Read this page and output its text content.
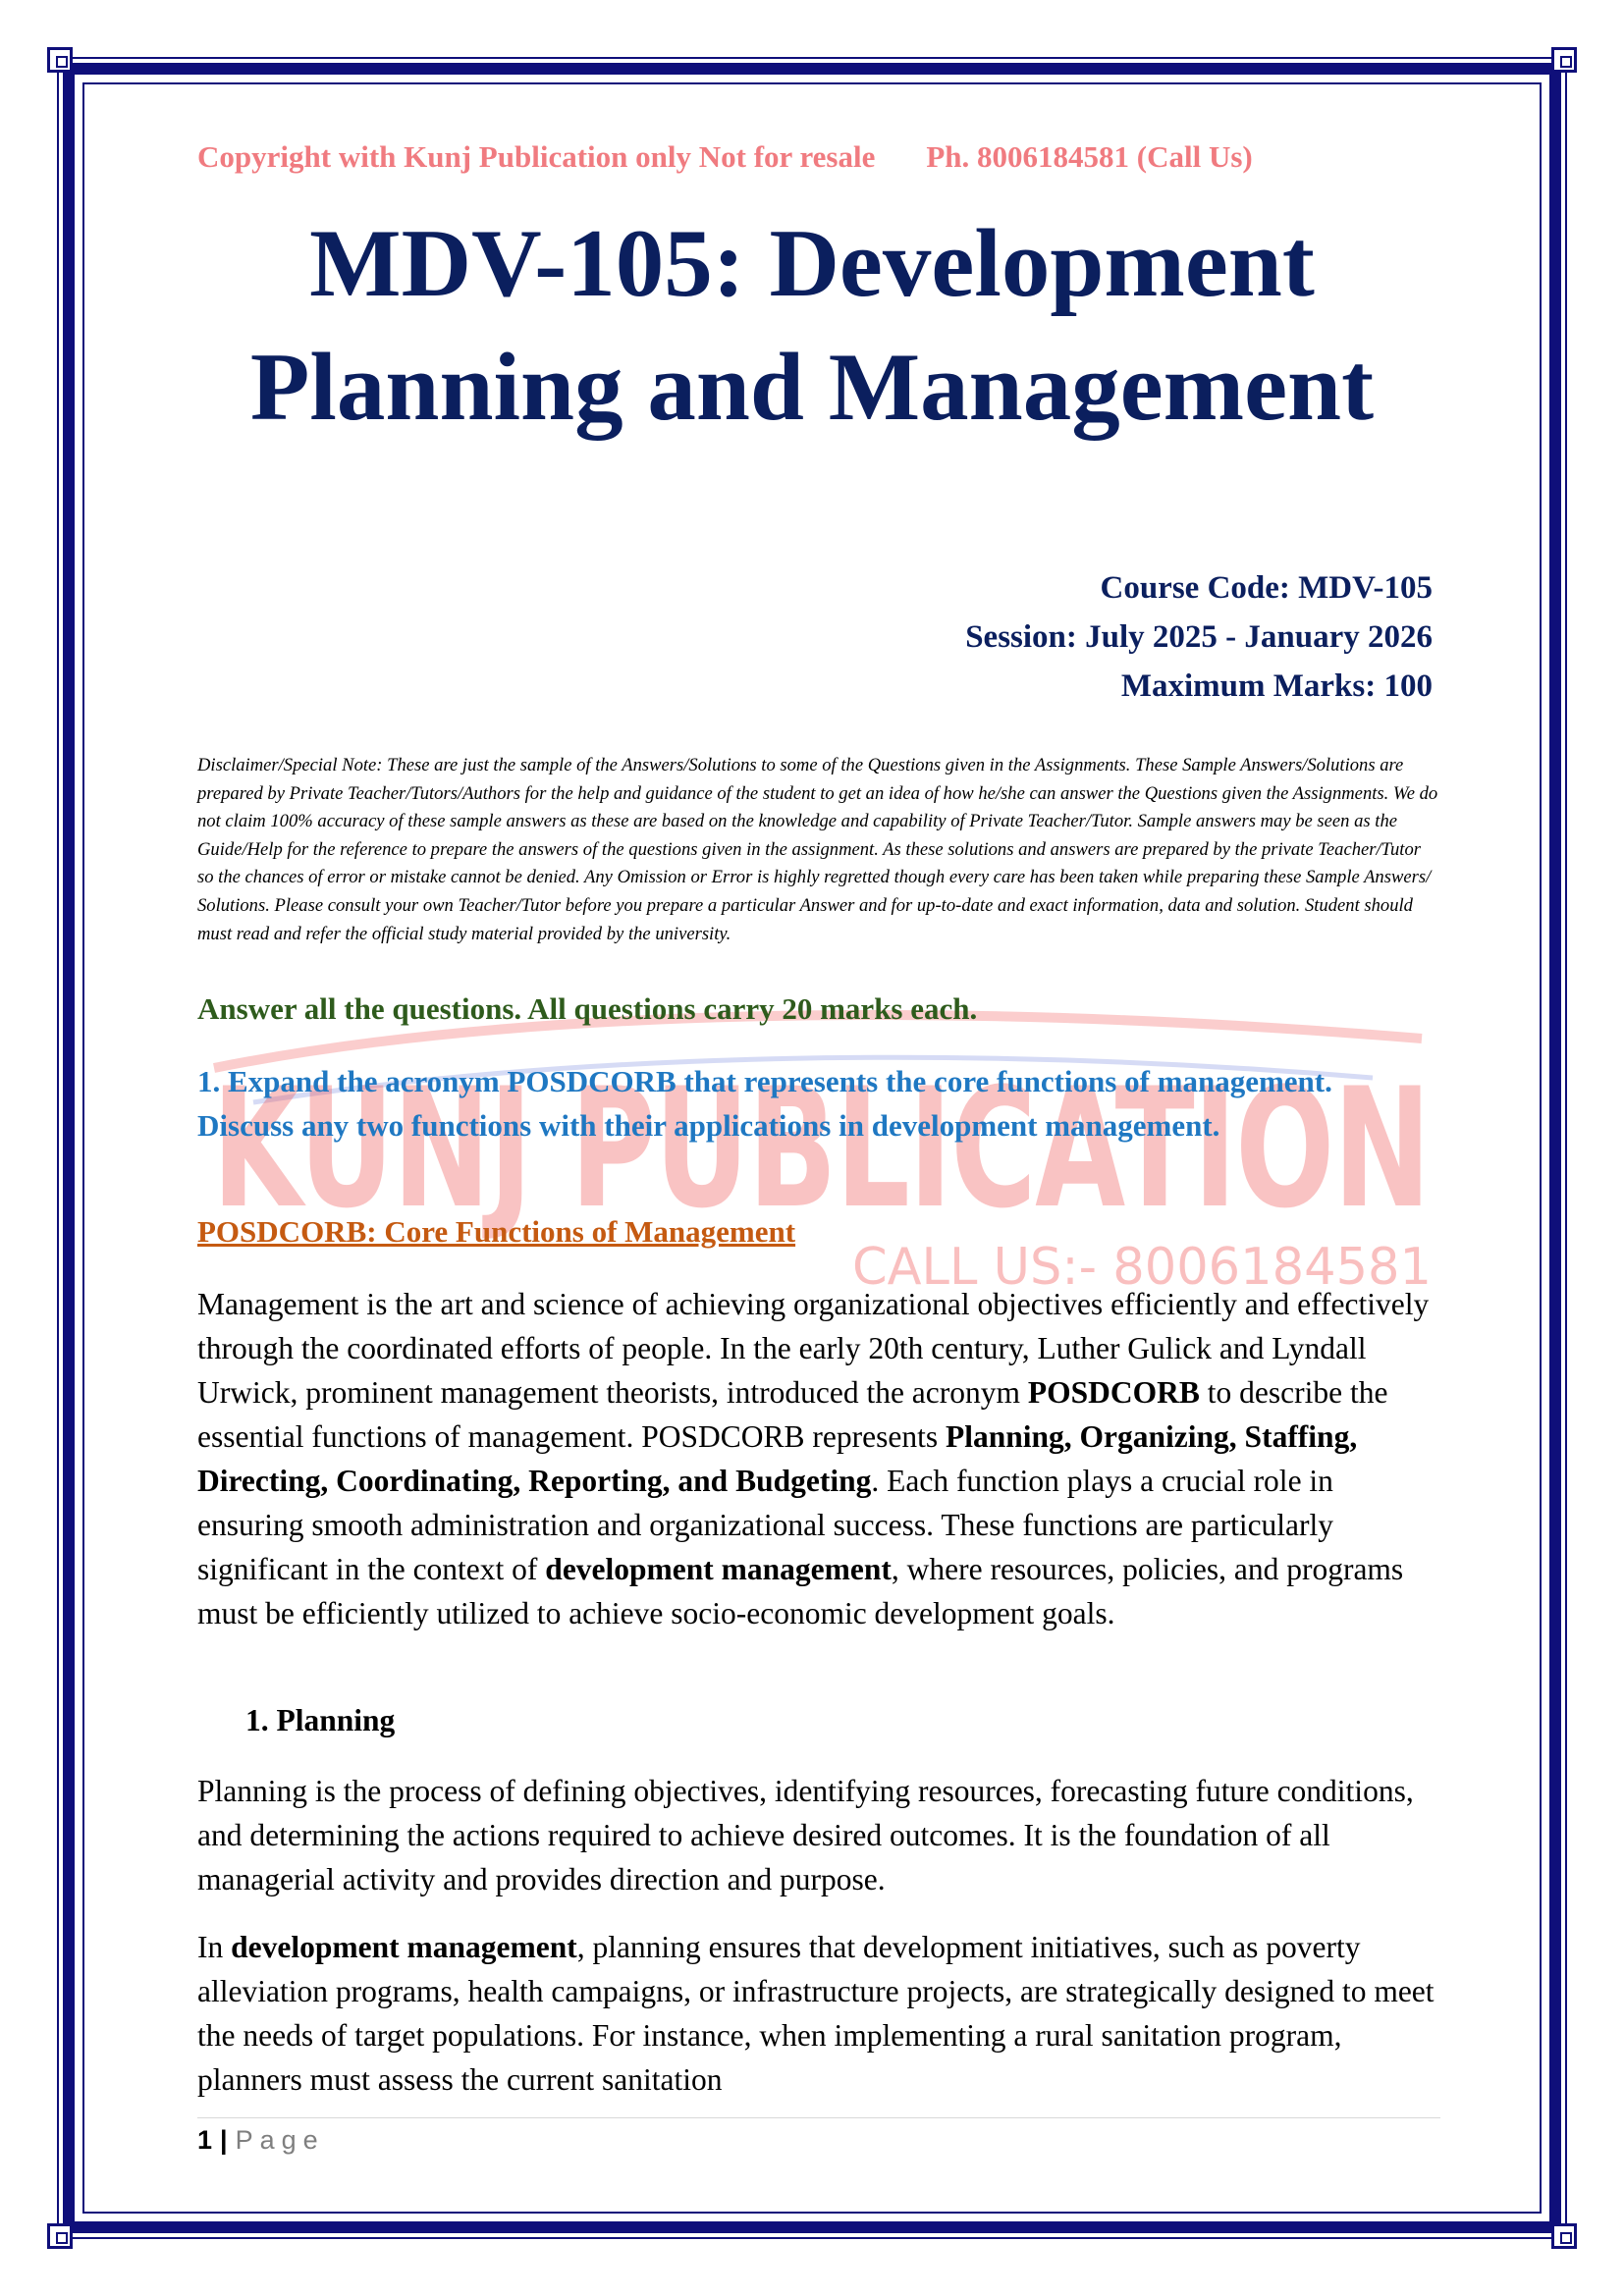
KUNJ PUBLICATION
CALL US:- 8006184581
Copyright with Kunj Publication only Not for resale Ph. 8006184581 (Call Us)
MDV-105: Development
Planning and Management
Course Code: MDV-105
Session: July 2025 - January 2026
Maximum Marks: 100
Disclaimer/Special Note: These are just the sample of the Answers/Solutions to some of the Questions given in the Assignments. These Sample Answers/Solutions are prepared by Private Teacher/Tutors/Authors for the help and guidance of the student to get an idea of how he/she can answer the Questions given the Assignments. We do not claim 100% accuracy of these sample answers as these are based on the knowledge and capability of Private Teacher/Tutor. Sample answers may be seen as the Guide/Help for the reference to prepare the answers of the questions given in the assignment. As these solutions and answers are prepared by the private Teacher/Tutor so the chances of error or mistake cannot be denied. Any Omission or Error is highly regretted though every care has been taken while preparing these Sample Answers/ Solutions. Please consult your own Teacher/Tutor before you prepare a particular Answer and for up-to-date and exact information, data and solution. Student should must read and refer the official study material provided by the university.
Answer all the questions. All questions carry 20 marks each.
1. Expand the acronym POSDCORB that represents the core functions of management. Discuss any two functions with their applications in development management.
POSDCORB: Core Functions of Management
Management is the art and science of achieving organizational objectives efficiently and effectively through the coordinated efforts of people. In the early 20th century, Luther Gulick and Lyndall Urwick, prominent management theorists, introduced the acronym POSDCORB to describe the essential functions of management. POSDCORB represents Planning, Organizing, Staffing, Directing, Coordinating, Reporting, and Budgeting. Each function plays a crucial role in ensuring smooth administration and organizational success. These functions are particularly significant in the context of development management, where resources, policies, and programs must be efficiently utilized to achieve socio-economic development goals.
1. Planning
Planning is the process of defining objectives, identifying resources, forecasting future conditions, and determining the actions required to achieve desired outcomes. It is the foundation of all managerial activity and provides direction and purpose.
In development management, planning ensures that development initiatives, such as poverty alleviation programs, health campaigns, or infrastructure projects, are strategically designed to meet the needs of target populations. For instance, when implementing a rural sanitation program, planners must assess the current sanitation
1 | Page
